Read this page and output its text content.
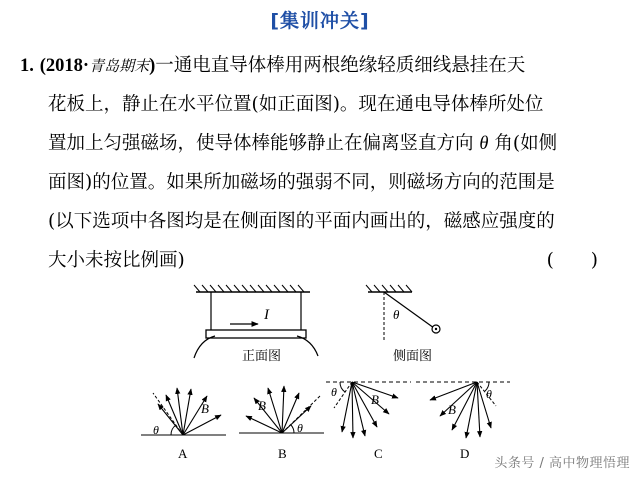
[集训冲关]
1. (2018·青岛期末)一通电直导体棒用两根绝缘轻质细线悬挂在天
花板上，静止在水平位置(如正面图)。现在通电导体棒所处位
置加上匀强磁场，使导体棒能够静止在偏离竖直方向 θ 角(如侧
面图)的位置。如果所加磁场的强弱不同，则磁场方向的范围是
(以下选项中各图均是在侧面图的平面内画出的，磁感应强度的
大小未按比例画)	(　　)
I
正面图
θ
侧面图
θ
B
A
θ
B
B
θ	B
C
θ
B
D
头条号 / 高中物理悟理
